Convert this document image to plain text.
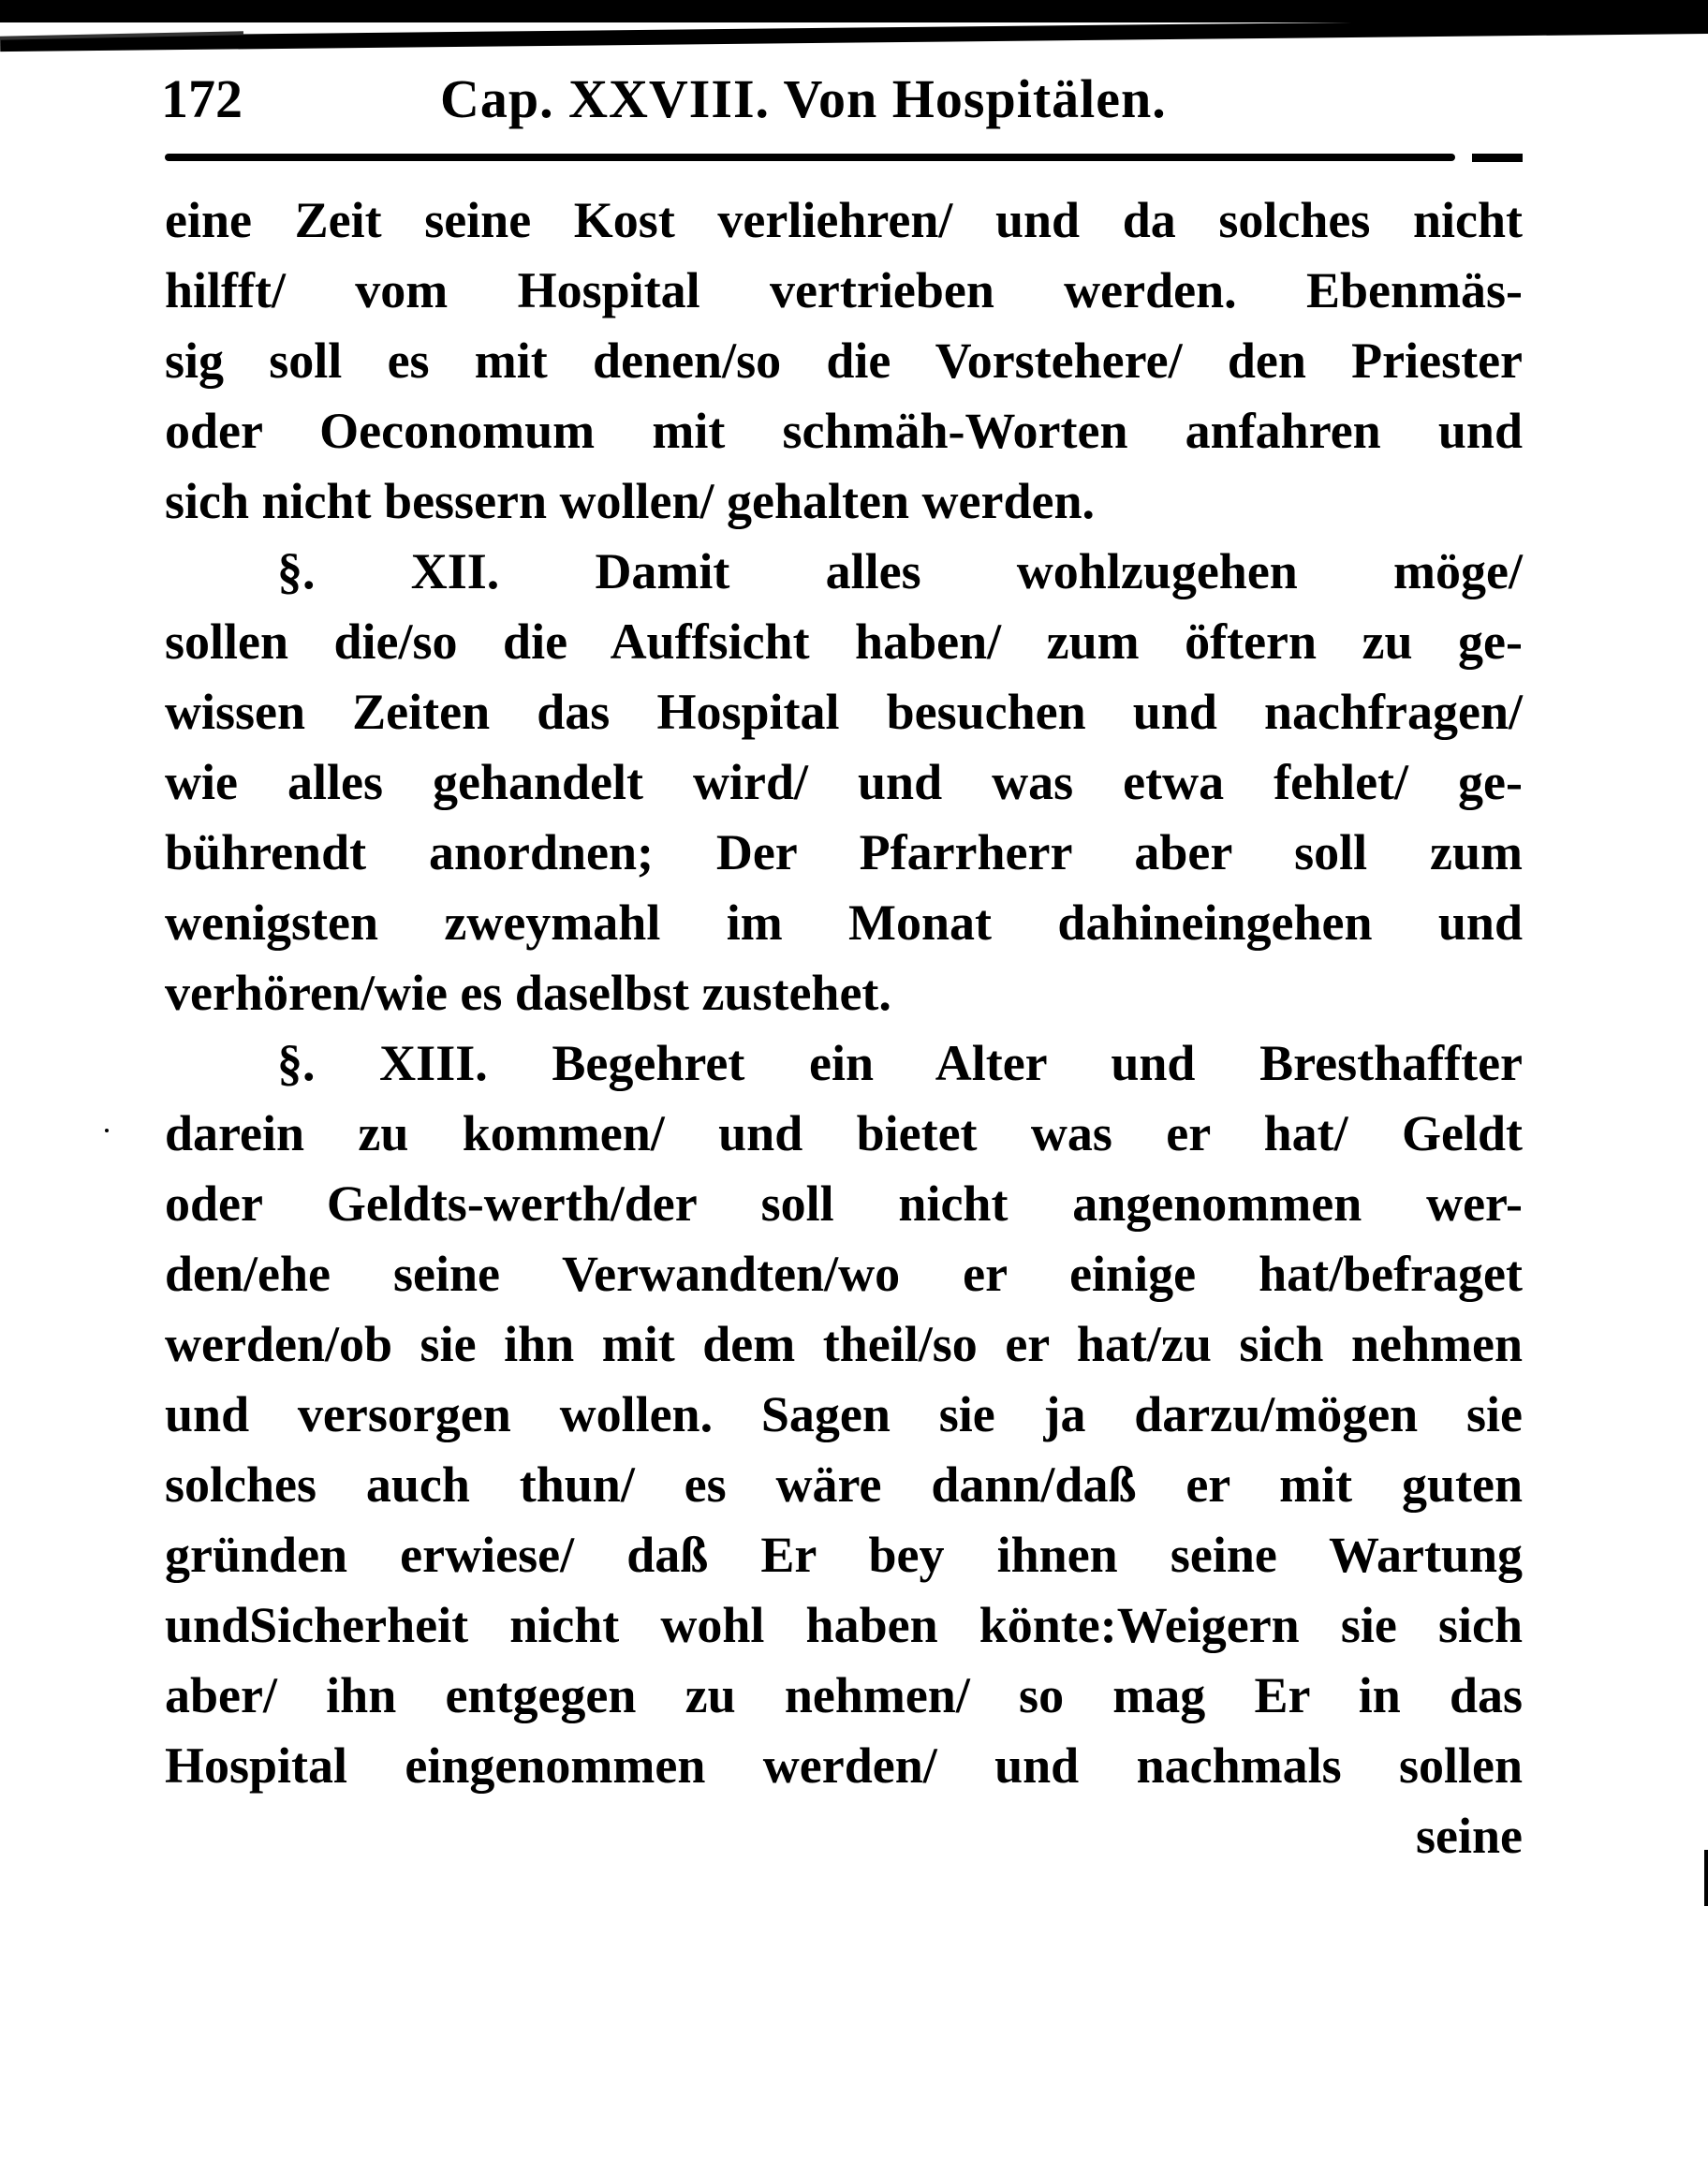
172	Cap. XXVIII. Von Hospitälen.
eine Zeit seine Kost verliehren/ und da solches nicht
hilfft/ vom Hospital vertrieben werden. Ebenmäs-
sig soll es mit denen/so die Vorstehere/ den Priester
oder Oeconomum mit schmäh-Worten anfahren und
sich nicht bessern wollen/ gehalten werden.
§. XII. Damit alles wohlzugehen möge/
sollen die/so die Auffsicht haben/ zum öftern zu ge-
wissen Zeiten das Hospital besuchen und nachfragen/
wie alles gehandelt wird/ und was etwa fehlet/ ge-
bührendt anordnen; Der Pfarrherr aber soll zum
wenigsten zweymahl im Monat dahineingehen und
verhören/wie es daselbst zustehet.
§. XIII. Begehret ein Alter und Bresthaffter
darein zu kommen/ und bietet was er hat/ Geldt
oder Geldts-werth/der soll nicht angenommen wer-
den/ehe seine Verwandten/wo er einige hat/befraget
werden/ob sie ihn mit dem theil/so er hat/zu sich nehmen
und versorgen wollen. Sagen sie ja darzu/mögen sie
solches auch thun/ es wäre dann/daß er mit guten
gründen erwiese/ daß Er bey ihnen seine Wartung
undSicherheit nicht wohl haben könte:Weigern sie sich
aber/ ihn entgegen zu nehmen/ so mag Er in das
Hospital eingenommen werden/ und nachmals sollen
seine
